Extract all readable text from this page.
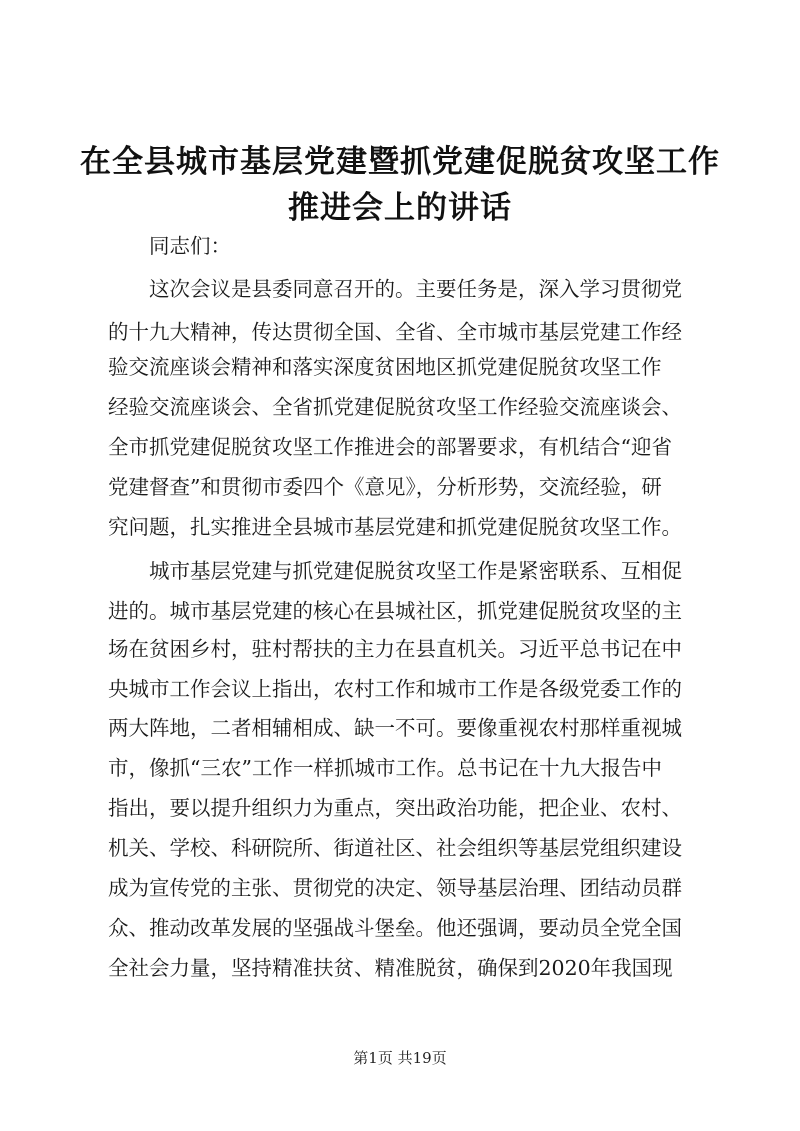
在全县城市基层党建暨抓党建促脱贫攻坚工作
推进会上的讲话
同志们：
这次会议是县委同意召开的。主要任务是，深入学习贯彻党
的十九大精神，传达贯彻全国、全省、全市城市基层党建工作经
验交流座谈会精神和落实深度贫困地区抓党建促脱贫攻坚工作
经验交流座谈会、全省抓党建促脱贫攻坚工作经验交流座谈会、
全市抓党建促脱贫攻坚工作推进会的部署要求，有机结合“迎省
党建督查”和贯彻市委四个《意见》，分析形势，交流经验，研
究问题，扎实推进全县城市基层党建和抓党建促脱贫攻坚工作。
城市基层党建与抓党建促脱贫攻坚工作是紧密联系、互相促
进的。城市基层党建的核心在县城社区，抓党建促脱贫攻坚的主
场在贫困乡村，驻村帮扶的主力在县直机关。习近平总书记在中
央城市工作会议上指出，农村工作和城市工作是各级党委工作的
两大阵地，二者相辅相成、缺一不可。要像重视农村那样重视城
市，像抓“三农”工作一样抓城市工作。总书记在十九大报告中
指出，要以提升组织力为重点，突出政治功能，把企业、农村、
机关、学校、科研院所、街道社区、社会组织等基层党组织建设
成为宣传党的主张、贯彻党的决定、领导基层治理、团结动员群
众、推动改革发展的坚强战斗堡垒。他还强调，要动员全党全国
全社会力量，坚持精准扶贫、精准脱贫，确保到2020年我国现
第1页 共19页
